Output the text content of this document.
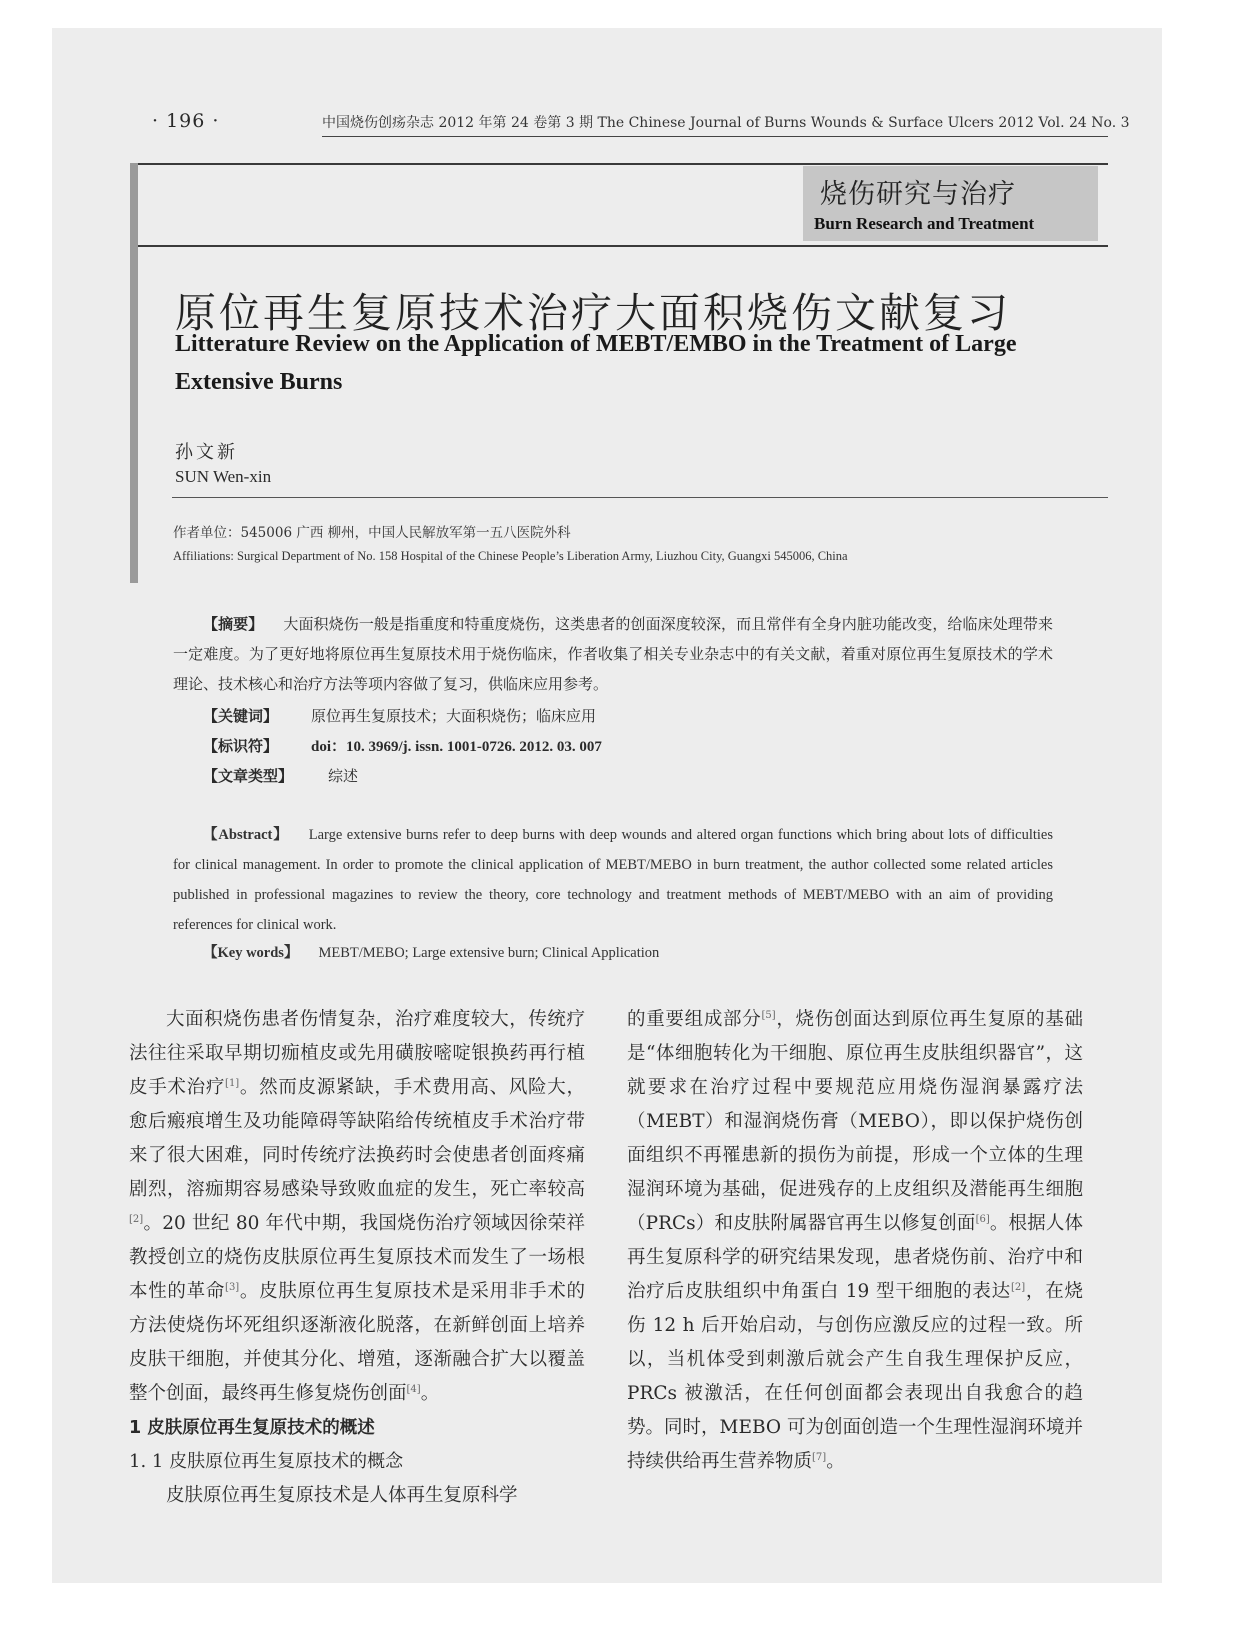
· 196 ·	中国烧伤创疡杂志 2012 年第 24 卷第 3 期 The Chinese Journal of Burns Wounds & Surface Ulcers 2012 Vol. 24 No. 3
烧伤研究与治疗
Burn Research and Treatment
原位再生复原技术治疗大面积烧伤文献复习
Litterature Review on the Application of MEBT/EMBO in the Treatment of Large Extensive Burns
孙文新
SUN Wen-xin
作者单位：545006 广西 柳州，中国人民解放军第一五八医院外科
Affiliations: Surgical Department of No. 158 Hospital of the Chinese People’s Liberation Army, Liuzhou City, Guangxi 545006, China
【摘要】 大面积烧伤一般是指重度和特重度烧伤，这类患者的创面深度较深，而且常伴有全身内脏功能改变，给临床处理带来一定难度。为了更好地将原位再生复原技术用于烧伤临床，作者收集了相关专业杂志中的有关文献，着重对原位再生复原技术的学术理论、技术核心和治疗方法等项内容做了复习，供临床应用参考。
【关键词】 原位再生复原技术；大面积烧伤；临床应用
【标识符】 doi：10. 3969/j. issn. 1001-0726. 2012. 03. 007
【文章类型】 综述
【Abstract】 Large extensive burns refer to deep burns with deep wounds and altered organ functions which bring about lots of difficulties for clinical management. In order to promote the clinical application of MEBT/MEBO in burn treatment, the author collected some related articles published in professional magazines to review the theory, core technology and treatment methods of MEBT/MEBO with an aim of providing references for clinical work.
【Key words】 MEBT/MEBO; Large extensive burn; Clinical Application

大面积烧伤患者伤情复杂，治疗难度较大，传统疗法往往采取早期切痂植皮或先用磺胺嘧啶银换药再行植皮手术治疗[1]。然而皮源紧缺，手术费用高、风险大，愈后瘢痕增生及功能障碍等缺陷给传统植皮手术治疗带来了很大困难，同时传统疗法换药时会使患者创面疼痛剧烈，溶痂期容易感染导致败血症的发生，死亡率较高[2]。20 世纪 80 年代中期，我国烧伤治疗领域因徐荣祥教授创立的烧伤皮肤原位再生复原技术而发生了一场根本性的革命[3]。皮肤原位再生复原技术是采用非手术的方法使烧伤坏死组织逐渐液化脱落，在新鲜创面上培养皮肤干细胞，并使其分化、增殖，逐渐融合扩大以覆盖整个创面，最终再生修复烧伤创面[4]。

1 皮肤原位再生复原技术的概述

1. 1 皮肤原位再生复原技术的概念

皮肤原位再生复原技术是人体再生复原科学

的重要组成部分[5]，烧伤创面达到原位再生复原的基础是“体细胞转化为干细胞、原位再生皮肤组织器官”，这就要求在治疗过程中要规范应用烧伤湿润暴露疗法（MEBT）和湿润烧伤膏（MEBO），即以保护烧伤创面组织不再罹患新的损伤为前提，形成一个立体的生理湿润环境为基础，促进残存的上皮组织及潜能再生细胞（PRCs）和皮肤附属器官再生以修复创面[6]。根据人体再生复原科学的研究结果发现，患者烧伤前、治疗中和治疗后皮肤组织中角蛋白 19 型干细胞的表达[2]，在烧伤 12 h 后开始启动，与创伤应激反应的过程一致。所以，当机体受到刺激后就会产生自我生理保护反应，PRCs 被激活，在任何创面都会表现出自我愈合的趋势。同时，MEBO 可为创面创造一个生理性湿润环境并持续供给再生营养物质[7]。
